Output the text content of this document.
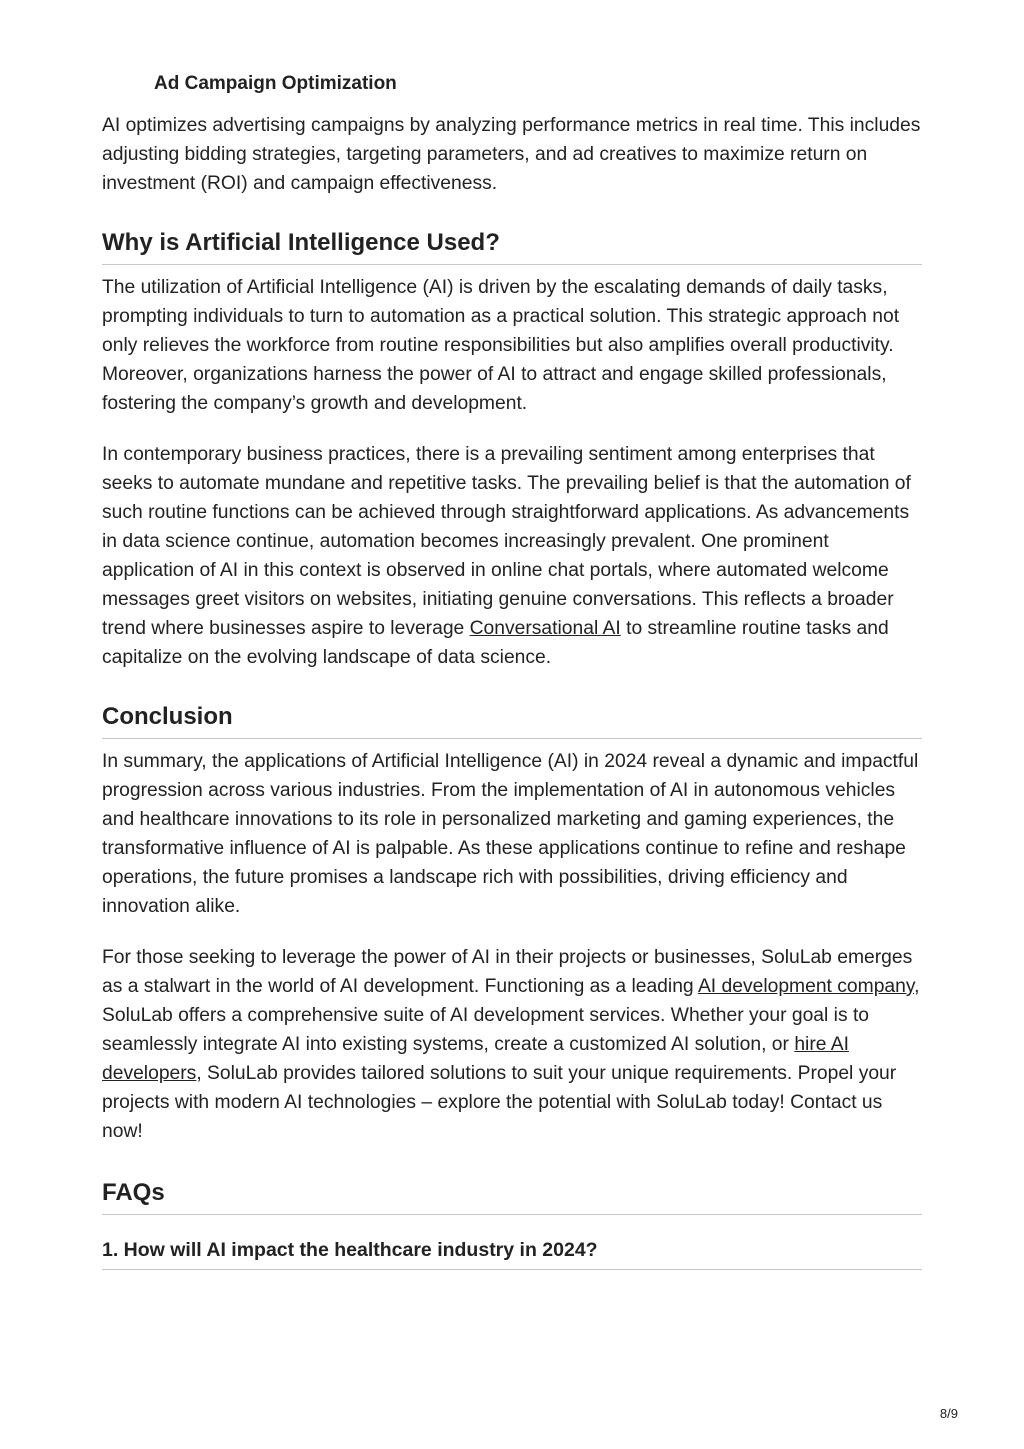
Ad Campaign Optimization

AI optimizes advertising campaigns by analyzing performance metrics in real time. This includes adjusting bidding strategies, targeting parameters, and ad creatives to maximize return on investment (ROI) and campaign effectiveness.

Why is Artificial Intelligence Used?

The utilization of Artificial Intelligence (AI) is driven by the escalating demands of daily tasks, prompting individuals to turn to automation as a practical solution. This strategic approach not only relieves the workforce from routine responsibilities but also amplifies overall productivity. Moreover, organizations harness the power of AI to attract and engage skilled professionals, fostering the company’s growth and development.

In contemporary business practices, there is a prevailing sentiment among enterprises that seeks to automate mundane and repetitive tasks. The prevailing belief is that the automation of such routine functions can be achieved through straightforward applications. As advancements in data science continue, automation becomes increasingly prevalent. One prominent application of AI in this context is observed in online chat portals, where automated welcome messages greet visitors on websites, initiating genuine conversations. This reflects a broader trend where businesses aspire to leverage Conversational AI to streamline routine tasks and capitalize on the evolving landscape of data science.

Conclusion

In summary, the applications of Artificial Intelligence (AI) in 2024 reveal a dynamic and impactful progression across various industries. From the implementation of AI in autonomous vehicles and healthcare innovations to its role in personalized marketing and gaming experiences, the transformative influence of AI is palpable. As these applications continue to refine and reshape operations, the future promises a landscape rich with possibilities, driving efficiency and innovation alike.

For those seeking to leverage the power of AI in their projects or businesses, SoluLab emerges as a stalwart in the world of AI development. Functioning as a leading AI development company, SoluLab offers a comprehensive suite of AI development services. Whether your goal is to seamlessly integrate AI into existing systems, create a customized AI solution, or hire AI developers, SoluLab provides tailored solutions to suit your unique requirements. Propel your projects with modern AI technologies – explore the potential with SoluLab today! Contact us now!

FAQs
1. How will AI impact the healthcare industry in 2024?
8/9
